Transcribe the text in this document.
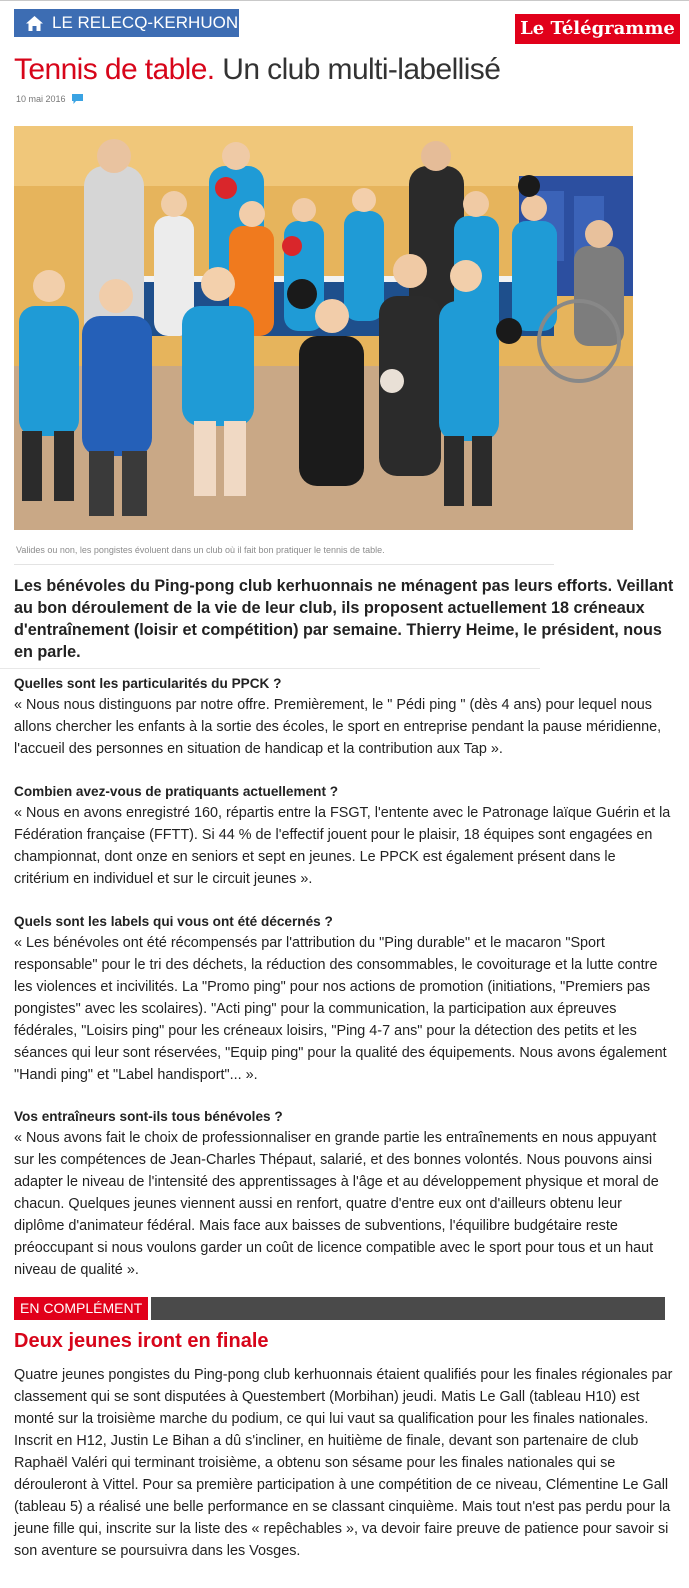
LE RELECQ-KERHUON	Le Télégramme
Tennis de table. Un club multi-labellisé
10 mai 2016
Valides ou non, les pongistes évoluent dans un club où il fait bon pratiquer le tennis de table.

Les bénévoles du Ping-pong club kerhuonnais ne ménagent pas leurs efforts. Veillant au bon déroulement de la vie de leur club, ils proposent actuellement 18 créneaux d'entraînement (loisir et compétition) par semaine. Thierry Heime, le président, nous en parle.

Quelles sont les particularités du PPCK ?

« Nous nous distinguons par notre offre. Premièrement, le " Pédi ping " (dès 4 ans) pour lequel nous allons chercher les enfants à la sortie des écoles, le sport en entreprise pendant la pause méridienne, l'accueil des personnes en situation de handicap et la contribution aux Tap ».

Combien avez-vous de pratiquants actuellement ?

« Nous en avons enregistré 160, répartis entre la FSGT, l'entente avec le Patronage laïque Guérin et la Fédération française (FFTT). Si 44 % de l'effectif jouent pour le plaisir, 18 équipes sont engagées en championnat, dont onze en seniors et sept en jeunes. Le PPCK est également présent dans le critérium en individuel et sur le circuit jeunes ».

Quels sont les labels qui vous ont été décernés ?

« Les bénévoles ont été récompensés par l'attribution du "Ping durable" et le macaron "Sport responsable" pour le tri des déchets, la réduction des consommables, le covoiturage et la lutte contre les violences et incivilités. La "Promo ping" pour nos actions de promotion (initiations, "Premiers pas pongistes" avec les scolaires). "Acti ping" pour la communication, la participation aux épreuves fédérales, "Loisirs ping" pour les créneaux loisirs, "Ping 4-7 ans" pour la détection des petits et les séances qui leur sont réservées, "Equip ping" pour la qualité des équipements. Nous avons également "Handi ping" et "Label handisport"... ».

Vos entraîneurs sont-ils tous bénévoles ?

« Nous avons fait le choix de professionnaliser en grande partie les entraînements en nous appuyant sur les compétences de Jean-Charles Thépaut, salarié, et des bonnes volontés. Nous pouvons ainsi adapter le niveau de l'intensité des apprentissages à l'âge et au développement physique et moral de chacun. Quelques jeunes viennent aussi en renfort, quatre d'entre eux ont d'ailleurs obtenu leur diplôme d'animateur fédéral. Mais face aux baisses de subventions, l'équilibre budgétaire reste préoccupant si nous voulons garder un coût de licence compatible avec le sport pour tous et un haut niveau de qualité ».

EN COMPLÉMENT
Deux jeunes iront en finale

Quatre jeunes pongistes du Ping-pong club kerhuonnais étaient qualifiés pour les finales régionales par classement qui se sont disputées à Questembert (Morbihan) jeudi. Matis Le Gall (tableau H10) est monté sur la troisième marche du podium, ce qui lui vaut sa qualification pour les finales nationales. Inscrit en H12, Justin Le Bihan a dû s'incliner, en huitième de finale, devant son partenaire de club Raphaël Valéri qui terminant troisième, a obtenu son sésame pour les finales nationales qui se dérouleront à Vittel. Pour sa première participation à une compétition de ce niveau, Clémentine Le Gall (tableau 5) a réalisé une belle performance en se classant cinquième. Mais tout n'est pas perdu pour la jeune fille qui, inscrite sur la liste des « repêchables », va devoir faire preuve de patience pour savoir si son aventure se poursuivra dans les Vosges.
